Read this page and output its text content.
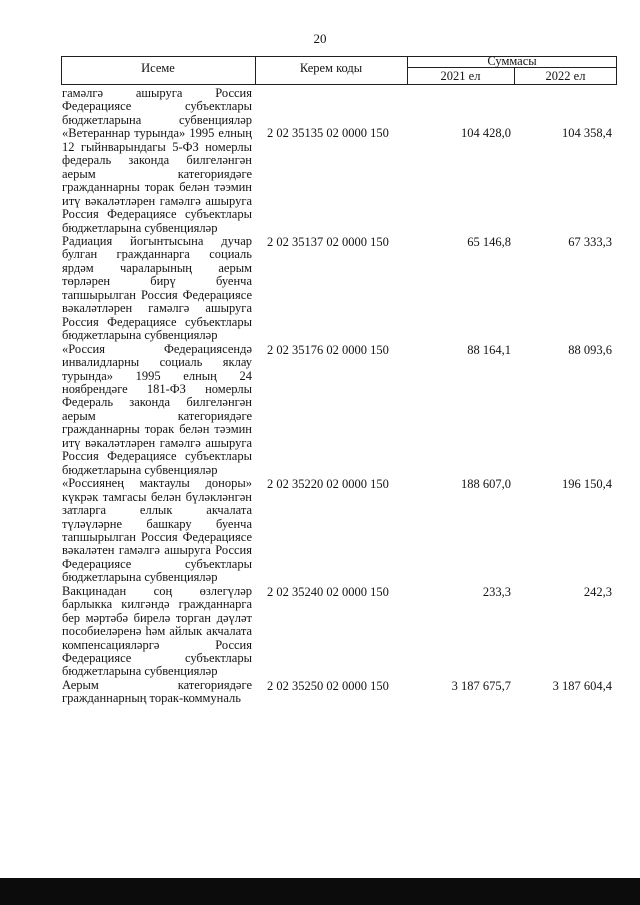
20
Исеме	Керем коды	Суммасы
2021 ел	2022 ел
гамәлгә ашыруга Россия Федерациясе субъектлары бюджетларына субвенцияләр «Ветераннар турында» 1995 елның 12 гыйнварындагы 5-ФЗ номерлы федераль законда билгеләнгән аерым категориядәге гражданнарны торак белән тәэмин итү вәкаләтләрен гамәлгә ашыруга Россия Федерациясе субъектлары бюджетларына субвенцияләр
2 02 35135 02 0000 150	104 428,0	104 358,4
Радиация йогынтысына дучар булган гражданнарга социаль ярдәм чараларының аерым төрләрен бирү буенча тапшырылган Россия Федерациясе вәкаләтләрен гамәлгә ашыруга Россия Федерациясе субъектлары бюджетларына субвенцияләр
2 02 35137 02 0000 150	65 146,8	67 333,3
«Россия Федерациясендә инвалидларны социаль яклау турында» 1995 елның 24 ноябрендәге 181-ФЗ номерлы Федераль законда билгеләнгән аерым категориядәге гражданнарны торак белән тәэмин итү вәкаләтләрен гамәлгә ашыруга Россия Федерациясе субъектлары бюджетларына субвенцияләр
2 02 35176 02 0000 150	88 164,1	88 093,6
«Россиянең мактаулы доноры» күкрәк тамгасы белән бүләкләнгән затларга еллык акчалата түләүләрне башкару буенча тапшырылган Россия Федерациясе вәкаләтен гамәлгә ашыруга Россия Федерациясе субъектлары бюджетларына субвенцияләр
2 02 35220 02 0000 150	188 607,0	196 150,4
Вакцинадан соң өзлегүләр барлыкка килгәндә гражданнарга бер мәртәбә бирелә торган дәүләт пособиеләренә һәм айлык акчалата компенсацияләргә Россия Федерациясе субъектлары бюджетларына субвенцияләр
2 02 35240 02 0000 150	233,3	242,3
Аерым категориядәге гражданнарның торак-коммуналь
2 02 35250 02 0000 150	3 187 675,7	3 187 604,4
